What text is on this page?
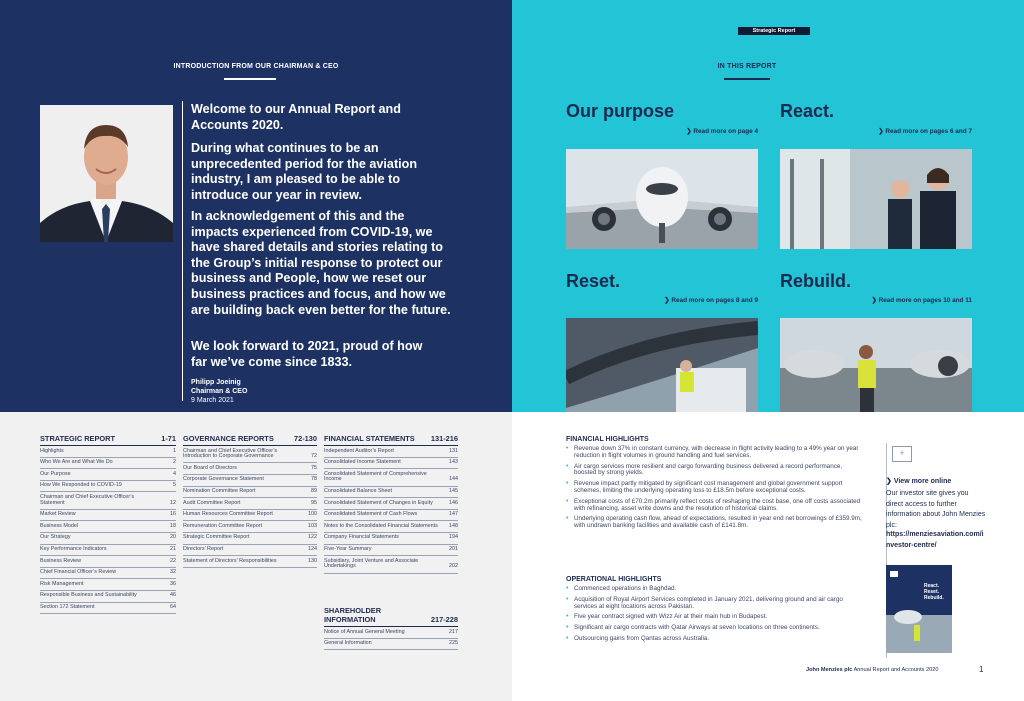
INTRODUCTION FROM OUR CHAIRMAN & CEO

Welcome to our Annual Report and Accounts 2020.

During what continues to be an unprecedented period for the aviation industry, I am pleased to be able to introduce our year in review.

In acknowledgement of this and the impacts experienced from COVID-19, we have shared details and stories relating to the Group’s initial response to protect our business and People, how we reset our business practices and focus, and how we are building back even better for the future.

We look forward to 2021, proud of how far we’ve come since 1833.

Philipp Joeinig

Chairman & CEO

9 March 2021

STRATEGIC REPORT	1-71
Highlights	1
Who We Are and What We Do	2
Our Purpose	4
How We Responded to COVID-19	5
Chairman and Chief Executive Officer’s Statement	12
Market Review	16
Business Model	18
Our Strategy	20
Key Performance Indicators	21
Business Review	22
Chief Financial Officer’s Review	32
Risk Management	36
Responsible Business and Sustainability	46
Section 172 Statement	64
GOVERNANCE REPORTS	72-130
Chairman and Chief Executive Officer’s Introduction to Corporate Governance	72
Our Board of Directors	75
Corporate Governance Statement	78
Nomination Committee Report	89
Audit Committee Report	95
Human Resources Committee Report	100
Remuneration Committee Report	103
Strategic Committee Report	122
Directors’ Report	124
Statement of Directors’ Responsibilities	130
FINANCIAL STATEMENTS 131-216
Independent Auditor’s Report	131
Consolidated Income Statement	143
Consolidated Statement of Comprehensive Income	144
Consolidated Balance Sheet	145
Consolidated Statement of Changes in Equity	146
Consolidated Statement of Cash Flows	147
Notes to the Consolidated Financial Statements	148
Company Financial Statements	194
Five-Year Summary	201
Subsidiary, Joint Venture and Associate Undertakings	202
SHAREHOLDER INFORMATION	217-228
Notice of Annual General Meeting	217
General Information	225
Strategic Report
IN THIS REPORT

Our purpose

❯ Read more on page 4

React.

❯ Read more on pages 6 and 7

Reset.

❯ Read more on pages 8 and 9

Rebuild.

❯ Read more on pages 10 and 11

FINANCIAL HIGHLIGHTS

• Revenue down 37% in constant currency, with decrease in flight activity leading to a 49% year on year reduction in flight volumes in ground handling and fuel services.
• Air cargo services more resilient and cargo forwarding business delivered a record performance, boosted by strong yields.
• Revenue impact partly mitigated by significant cost management and global government support schemes, limiting the underlying operating loss to £18.5m before exceptional costs.
• Exceptional costs of £70.2m primarily reflect costs of reshaping the cost base, one off costs associated with refinancing, asset write downs and the resolution of historical claims.
• Underlying operating cash flow, ahead of expectations, resulted in year end net borrowings of £359.9m, with undrawn banking facilities and available cash of £141.8m.

OPERATIONAL HIGHLIGHTS

• Commenced operations in Baghdad.
• Acquisition of Royal Airport Services completed in January 2021, delivering ground and air cargo services at eight locations across Pakistan.
• Five year contract signed with Wizz Air at their main hub in Budapest.
• Significant air cargo contracts with Qatar Airways at seven locations on three continents.
• Outsourcing gains from Qantas across Australia.
+
❯ View more online
Our investor site gives you direct access to further information about John Menzies plc:
https://menziesaviation.com/investor-centre/
React. Reset. Rebuild.
John Menzies plc Annual Report and Accounts 2020	1
